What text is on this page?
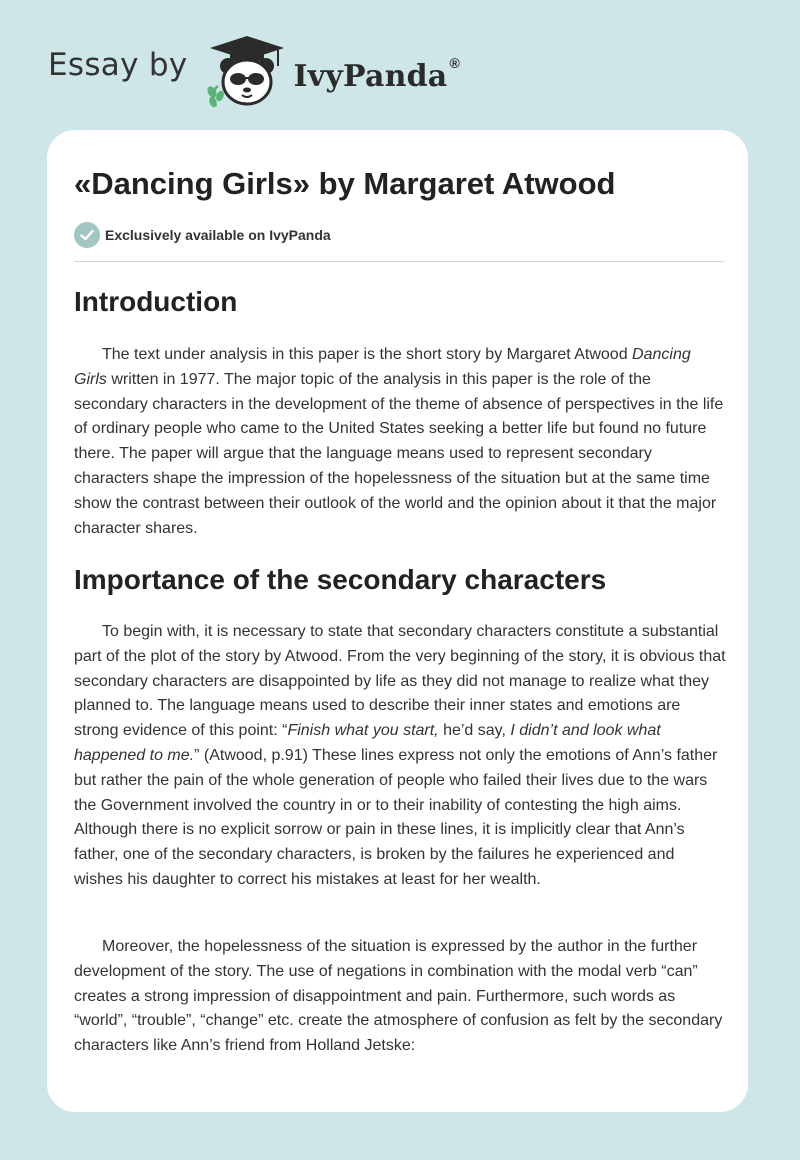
Essay by	IvyPanda ®
«Dancing Girls» by Margaret Atwood
Exclusively available on IvyPanda
Introduction

The text under analysis in this paper is the short story by Margaret Atwood Dancing Girls written in 1977. The major topic of the analysis in this paper is the role of the secondary characters in the development of the theme of absence of perspectives in the life of ordinary people who came to the United States seeking a better life but found no future there. The paper will argue that the language means used to represent secondary characters shape the impression of the hopelessness of the situation but at the same time show the contrast between their outlook of the world and the opinion about it that the major character shares.

Importance of the secondary characters

To begin with, it is necessary to state that secondary characters constitute a substantial part of the plot of the story by Atwood. From the very beginning of the story, it is obvious that secondary characters are disappointed by life as they did not manage to realize what they planned to. The language means used to describe their inner states and emotions are strong evidence of this point: “Finish what you start, he’d say, I didn’t and look what happened to me.” (Atwood, p.91) These lines express not only the emotions of Ann’s father but rather the pain of the whole generation of people who failed their lives due to the wars the Government involved the country in or to their inability of contesting the high aims. Although there is no explicit sorrow or pain in these lines, it is implicitly clear that Ann’s father, one of the secondary characters, is broken by the failures he experienced and wishes his daughter to correct his mistakes at least for her wealth.

Moreover, the hopelessness of the situation is expressed by the author in the further development of the story. The use of negations in combination with the modal verb “can” creates a strong impression of disappointment and pain. Furthermore, such words as “world”, “trouble”, “change” etc. create the atmosphere of confusion as felt by the secondary characters like Ann’s friend from Holland Jetske:
